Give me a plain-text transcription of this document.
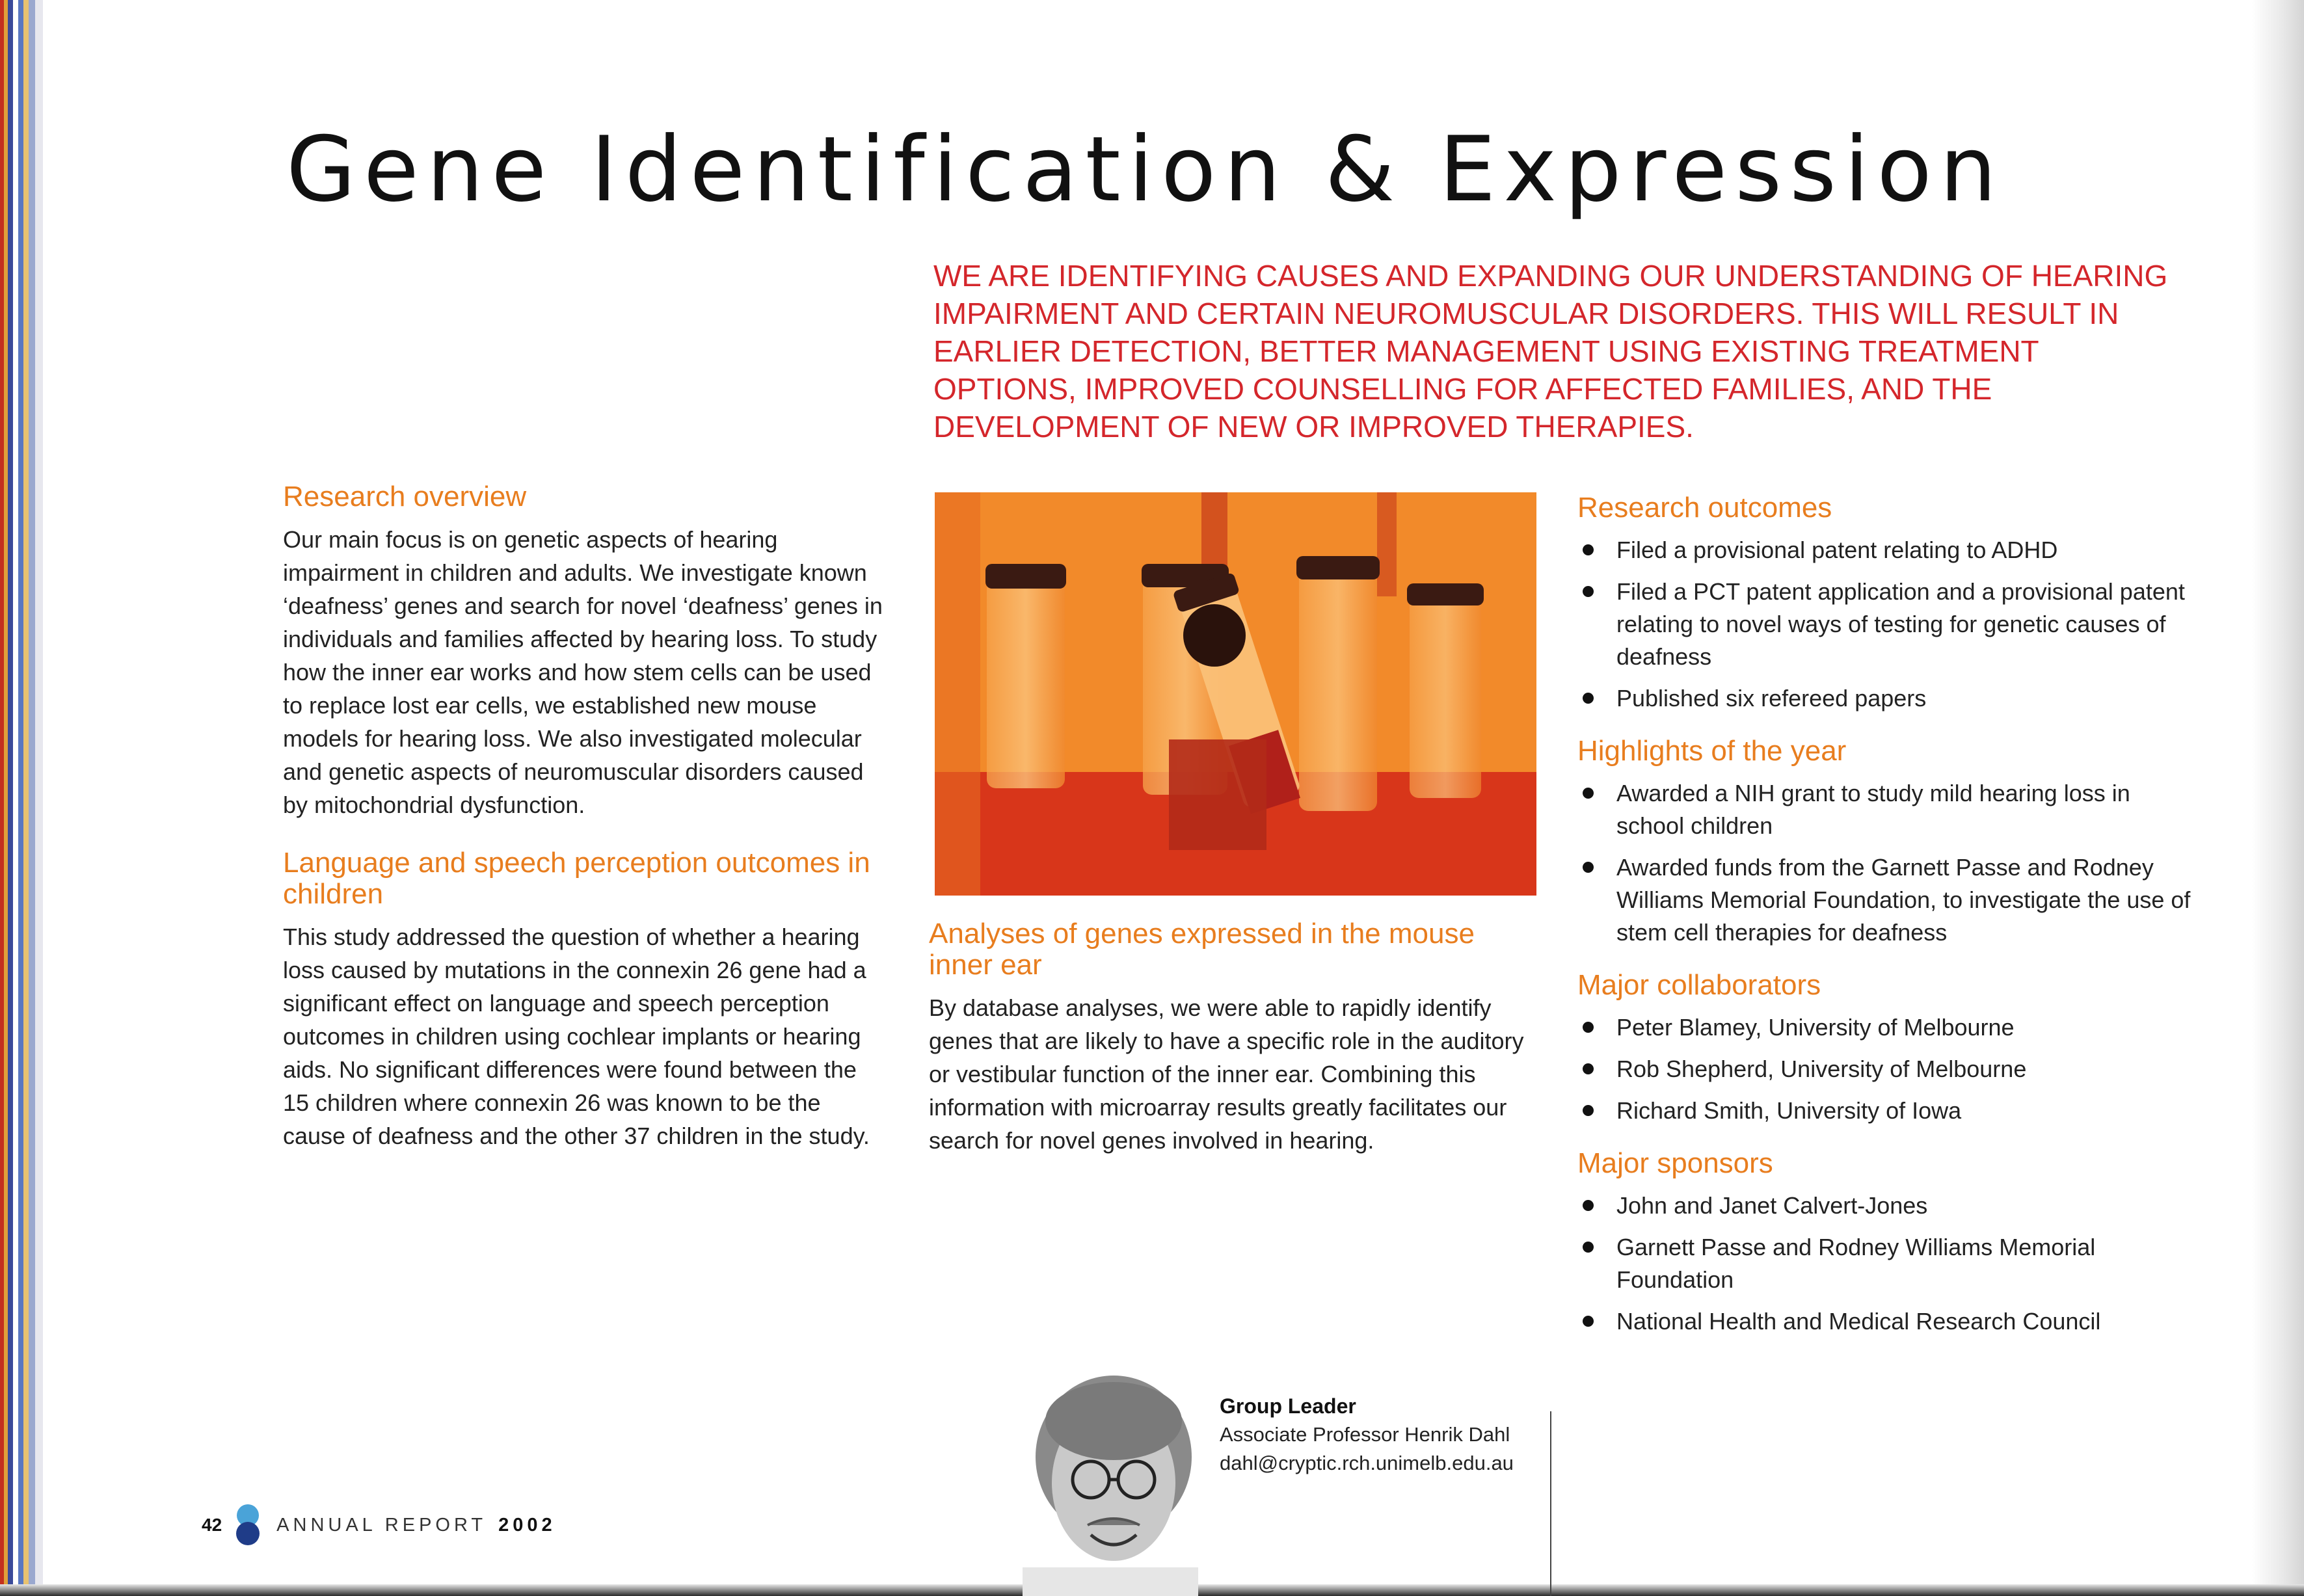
Gene Identification & Expression

WE ARE IDENTIFYING CAUSES AND EXPANDING OUR UNDERSTANDING OF HEARING IMPAIRMENT AND CERTAIN NEUROMUSCULAR DISORDERS. THIS WILL RESULT IN EARLIER DETECTION, BETTER MANAGEMENT USING EXISTING TREATMENT OPTIONS, IMPROVED COUNSELLING FOR AFFECTED FAMILIES, AND THE DEVELOPMENT OF NEW OR IMPROVED THERAPIES.

Research overview

Our main focus is on genetic aspects of hearing impairment in children and adults. We investigate known ‘deafness’ genes and search for novel ‘deafness’ genes in individuals and families affected by hearing loss. To study how the inner ear works and how stem cells can be used to replace lost ear cells, we established new mouse models for hearing loss. We also investigated molecular and genetic aspects of neuromuscular disorders caused by mitochondrial dysfunction.

Language and speech perception outcomes in children

This study addressed the question of whether a hearing loss caused by mutations in the connexin 26 gene had a significant effect on language and speech perception outcomes in children using cochlear implants or hearing aids. No significant differences were found between the 15 children where connexin 26 was known to be the cause of deafness and the other 37 children in the study.

Analyses of genes expressed in the mouse inner ear

By database analyses, we were able to rapidly identify genes that are likely to have a specific role in the auditory or vestibular function of the inner ear. Combining this information with microarray results greatly facilitates our search for novel genes involved in hearing.

Research outcomes
Filed a provisional patent relating to ADHD
Filed a PCT patent application and a provisional patent relating to novel ways of testing for genetic causes of deafness
Published six refereed papers
Highlights of the year
Awarded a NIH grant to study mild hearing loss in school children
Awarded funds from the Garnett Passe and Rodney Williams Memorial Foundation, to investigate the use of stem cell therapies for deafness
Major collaborators
Peter Blamey, University of Melbourne
Rob Shepherd, University of Melbourne
Richard Smith, University of Iowa
Major sponsors
John and Janet Calvert-Jones
Garnett Passe and Rodney Williams Memorial Foundation
National Health and Medical Research Council

Group Leader

Associate Professor Henrik Dahl

dahl@cryptic.rch.unimelb.edu.au

42	ANNUAL REPORT 2002
